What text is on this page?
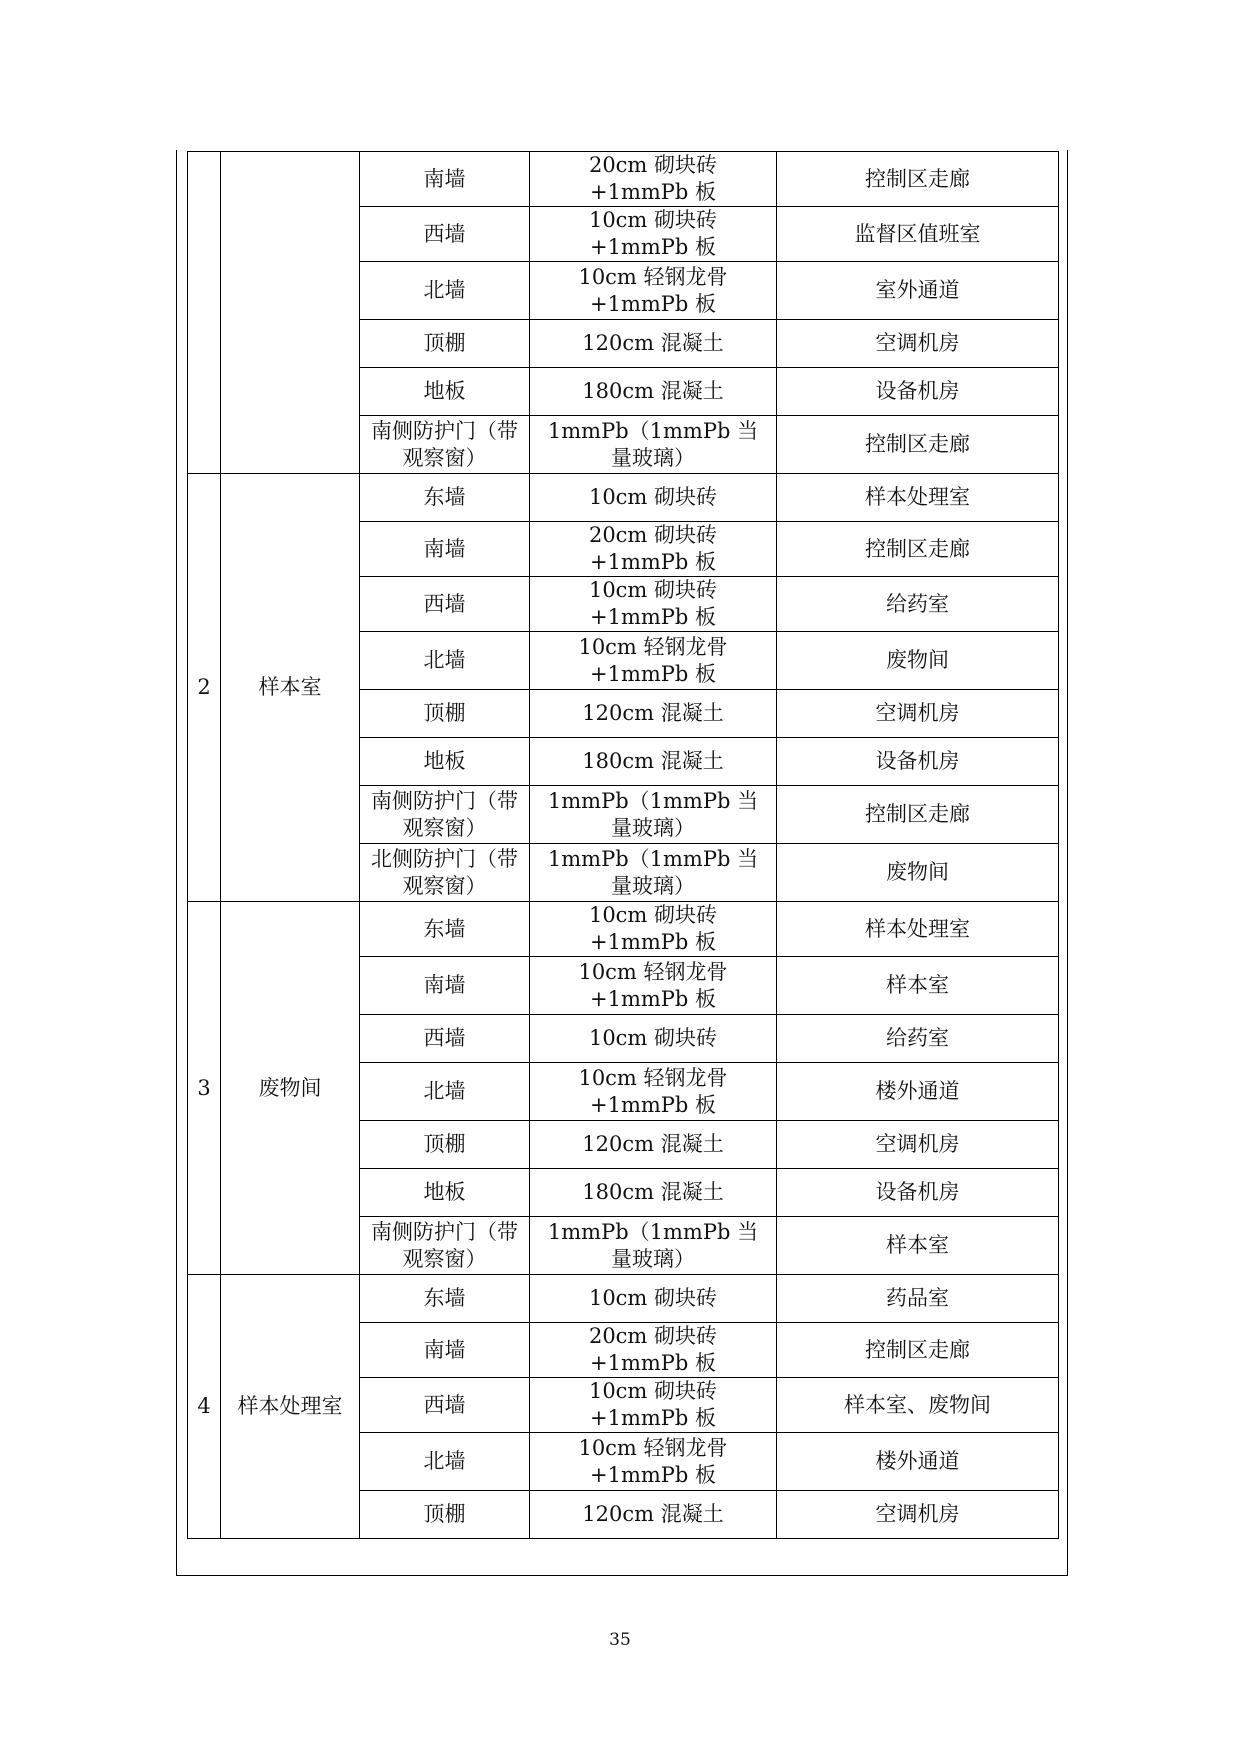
		南墙	20cm 砌块砖+1mmPb 板	控制区走廊
		西墙	10cm 砌块砖+1mmPb 板	监督区值班室
		北墙	10cm 轻钢龙骨+1mmPb 板	室外通道
		顶棚	120cm 混凝土	空调机房
		地板	180cm 混凝土	设备机房
		南侧防护门（带观察窗）	1mmPb（1mmPb 当量玻璃）	控制区走廊
2	样本室	东墙	10cm 砌块砖	样本处理室
		南墙	20cm 砌块砖+1mmPb 板	控制区走廊
		西墙	10cm 砌块砖+1mmPb 板	给药室
		北墙	10cm 轻钢龙骨+1mmPb 板	废物间
		顶棚	120cm 混凝土	空调机房
		地板	180cm 混凝土	设备机房
		南侧防护门（带观察窗）	1mmPb（1mmPb 当量玻璃）	控制区走廊
		北侧防护门（带观察窗）	1mmPb（1mmPb 当量玻璃）	废物间
3	废物间	东墙	10cm 砌块砖+1mmPb 板	样本处理室
		南墙	10cm 轻钢龙骨+1mmPb 板	样本室
		西墙	10cm 砌块砖	给药室
		北墙	10cm 轻钢龙骨+1mmPb 板	楼外通道
		顶棚	120cm 混凝土	空调机房
		地板	180cm 混凝土	设备机房
		南侧防护门（带观察窗）	1mmPb（1mmPb 当量玻璃）	样本室
4	样本处理室	东墙	10cm 砌块砖	药品室
		南墙	20cm 砌块砖+1mmPb 板	控制区走廊
		西墙	10cm 砌块砖+1mmPb 板	样本室、废物间
		北墙	10cm 轻钢龙骨+1mmPb 板	楼外通道
		顶棚	120cm 混凝土	空调机房
35
